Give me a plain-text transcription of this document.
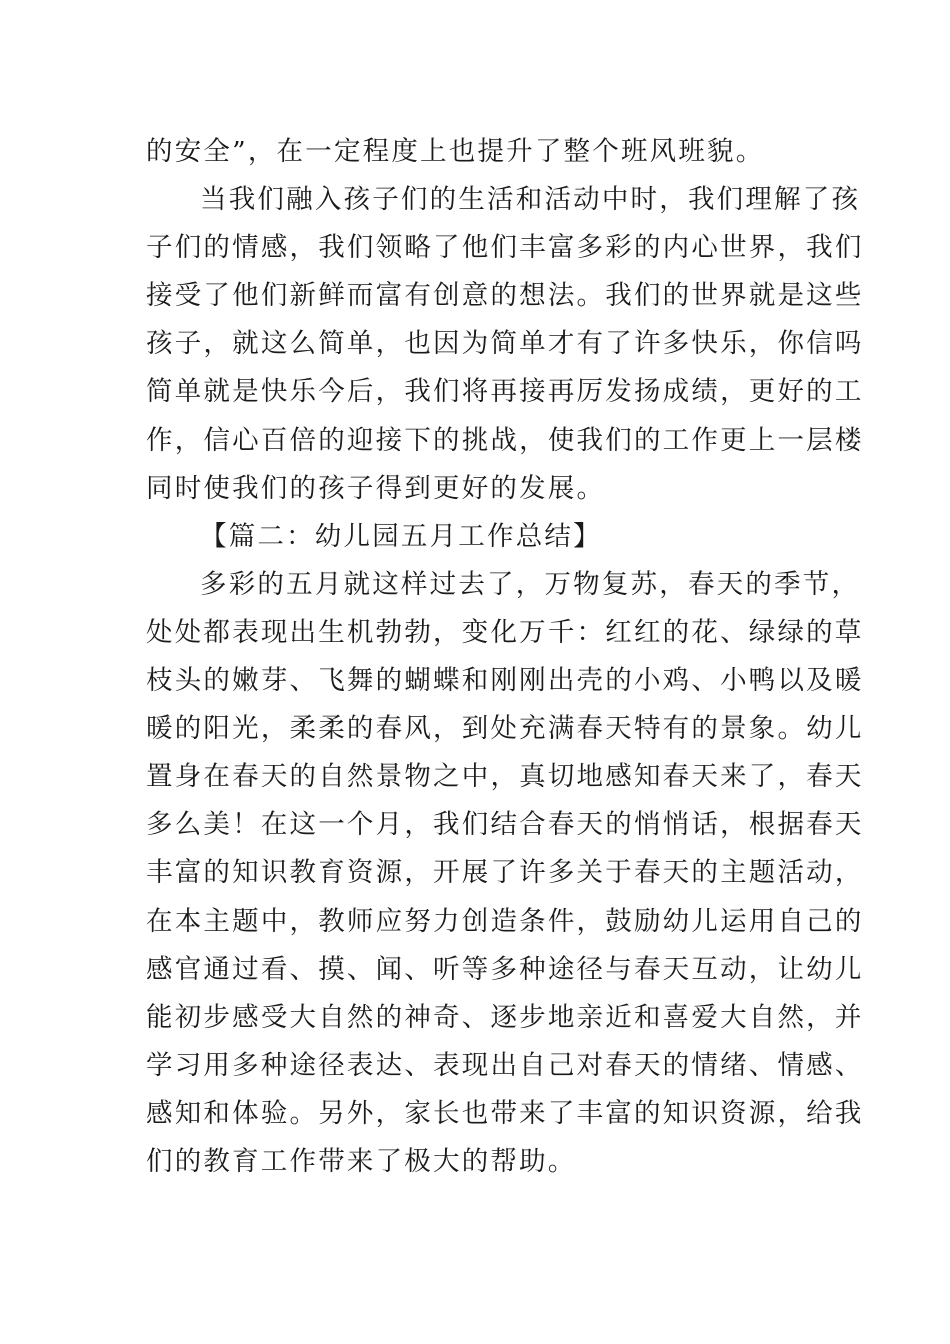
的安全”，在一定程度上也提升了整个班风班貌。
当 我 们 融 入 孩 子 们 的 生 活 和 活 动 中 时 ， 我 们 理 解 了 孩
子 们 的 情 感 ， 我 们 领 略 了 他 们 丰 富 多 彩 的 内 心 世 界 ， 我 们
接 受 了 他 们 新 鲜 而 富 有 创 意 的 想 法 。 我 们 的 世 界 就 是 这 些
孩 子 ， 就 这 么 简 单 ， 也 因 为 简 单 才 有 了 许 多 快 乐 ， 你 信 吗
简 单 就 是 快 乐 今 后 ， 我 们 将 再 接 再 厉 发 扬 成 绩 ， 更 好 的 工
作 ， 信 心 百 倍 的 迎 接 下 的 挑 战 ， 使 我 们 的 工 作 更 上 一 层 楼
同时使我们的孩子得到更好的发展。
【篇二：幼儿园五月工作总结】
多 彩 的 五 月 就 这 样 过 去 了 ， 万 物 复 苏 ， 春 天 的 季 节 ，
处 处 都 表 现 出 生 机 勃 勃 ， 变 化 万 千 ： 红 红 的 花 、 绿 绿 的 草
枝 头 的 嫩 芽 、 飞 舞 的 蝴 蝶 和 刚 刚 出 壳 的 小 鸡 、 小 鸭 以 及 暖
暖 的 阳 光 ， 柔 柔 的 春 风 ， 到 处 充 满 春 天 特 有 的 景 象 。 幼 儿
置 身 在 春 天 的 自 然 景 物 之 中 ， 真 切 地 感 知 春 天 来 了 ， 春 天
多 么 美 ！ 在 这 一 个 月 ， 我 们 结 合 春 天 的 悄 悄 话 ， 根 据 春 天
丰 富 的 知 识 教 育 资 源 ， 开 展 了 许 多 关 于 春 天 的 主 题 活 动 ，
在 本 主 题 中 ， 教 师 应 努 力 创 造 条 件 ， 鼓 励 幼 儿 运 用 自 己 的
感 官 通 过 看 、 摸 、 闻 、 听 等 多 种 途 径 与 春 天 互 动 ， 让 幼 儿
能 初 步 感 受 大 自 然 的 神 奇 、 逐 步 地 亲 近 和 喜 爱 大 自 然 ， 并
学 习 用 多 种 途 径 表 达 、 表 现 出 自 己 对 春 天 的 情 绪 、 情 感 、
感 知 和 体 验 。 另 外 ， 家 长 也 带 来 了 丰 富 的 知 识 资 源 ， 给 我
们的教育工作带来了极大的帮助。
